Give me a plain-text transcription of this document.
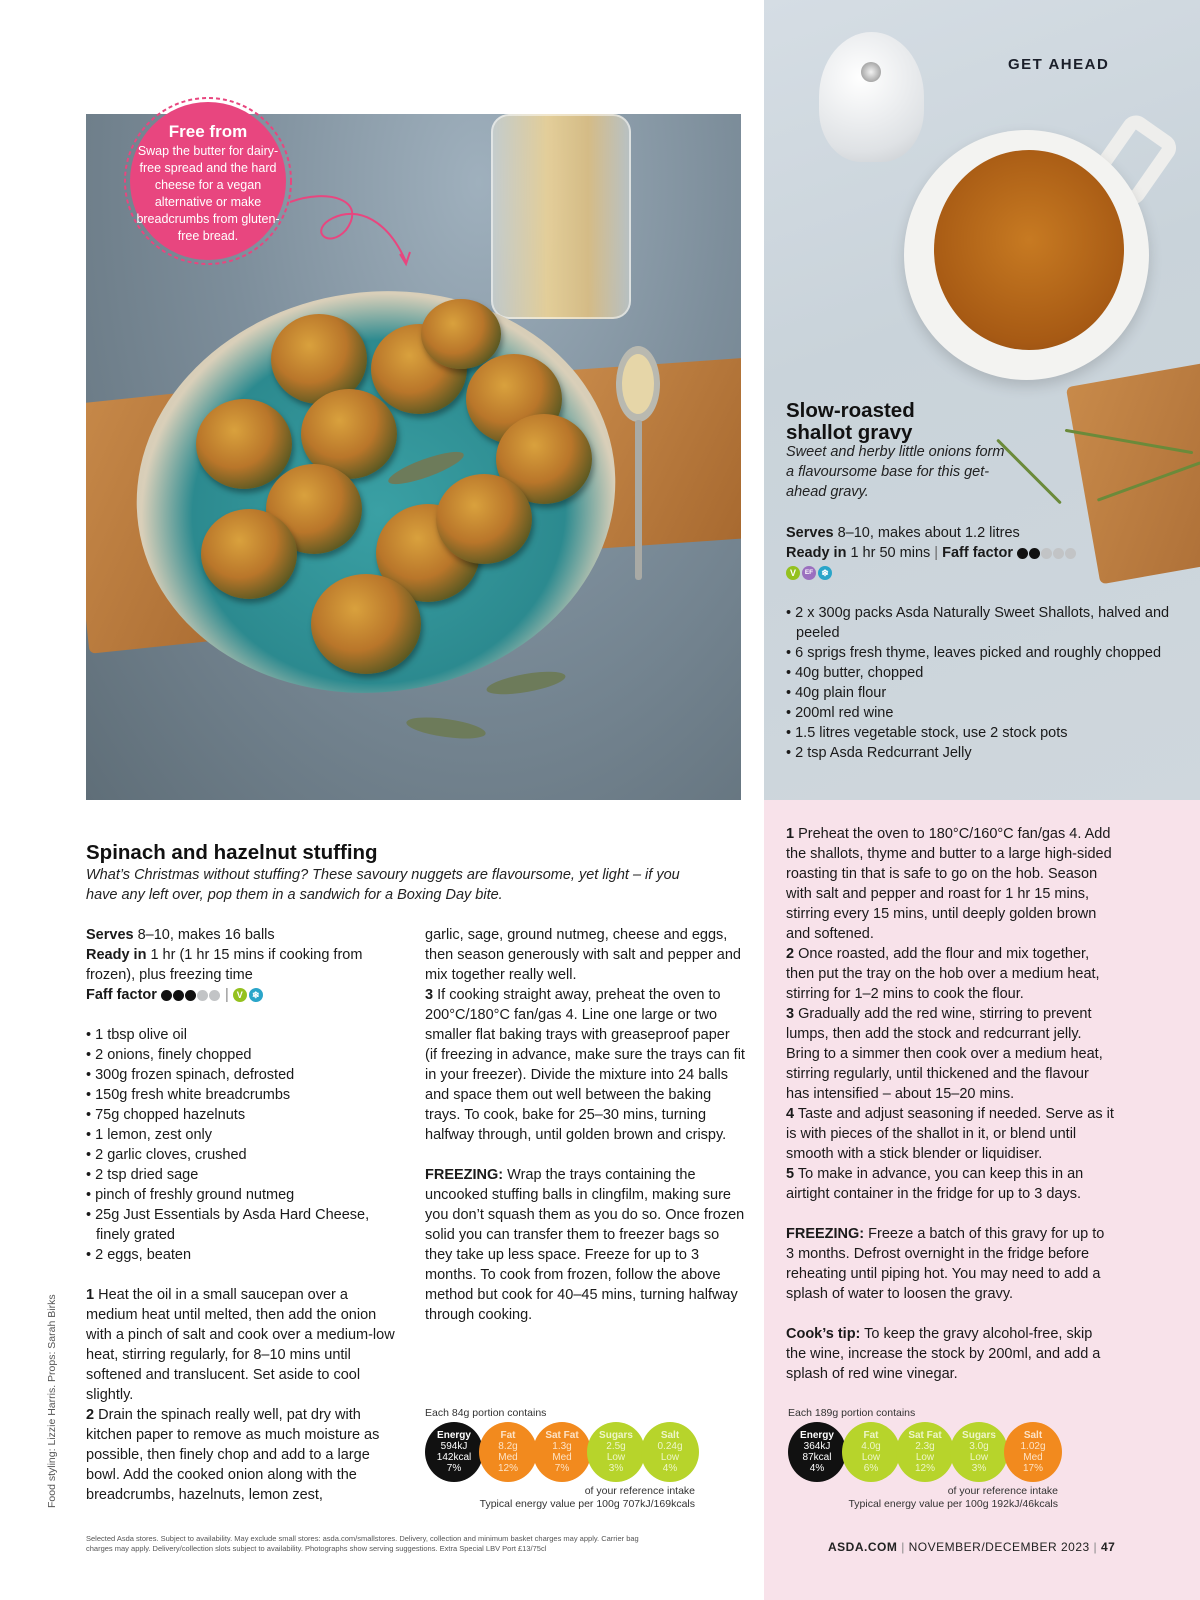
GET AHEAD
Free from
Swap the butter for dairy-free spread and the hard cheese for a vegan alternative or make breadcrumbs from gluten-free bread.
Spinach and hazelnut stuffing
What’s Christmas without stuffing? These savoury nuggets are flavoursome, yet light – if you have any left over, pop them in a sandwich for a Boxing Day bite.
Serves 8–10, makes 16 balls
Ready in 1 hr (1 hr 15 mins if cooking from frozen), plus freezing time
Faff factor	| V ❄
• 1 tbsp olive oil
• 2 onions, finely chopped
• 300g frozen spinach, defrosted
• 150g fresh white breadcrumbs
• 75g chopped hazelnuts
• 1 lemon, zest only
• 2 garlic cloves, crushed
• 2 tsp dried sage
• pinch of freshly ground nutmeg
• 25g Just Essentials by Asda Hard Cheese, finely grated
• 2 eggs, beaten
1 Heat the oil in a small saucepan over a medium heat until melted, then add the onion with a pinch of salt and cook over a medium-low heat, stirring regularly, for 8–10 mins until softened and translucent. Set aside to cool slightly.
2 Drain the spinach really well, pat dry with kitchen paper to remove as much moisture as possible, then finely chop and add to a large bowl. Add the cooked onion along with the breadcrumbs, hazelnuts, lemon zest,
garlic, sage, ground nutmeg, cheese and eggs, then season generously with salt and pepper and mix together really well.
3 If cooking straight away, preheat the oven to 200°C/180°C fan/gas 4. Line one large or two smaller flat baking trays with greaseproof paper (if freezing in advance, make sure the trays can fit in your freezer). Divide the mixture into 24 balls and space them out well between the baking trays. To cook, bake for 25–30 mins, turning halfway through, until golden brown and crispy.
FREEZING: Wrap the trays containing the uncooked stuffing balls in clingfilm, making sure you don’t squash them as you do so. Once frozen solid you can transfer them to freezer bags so they take up less space. Freeze for up to 3 months. To cook from frozen, follow the above method but cook for 40–45 mins, turning halfway through cooking.
Each 84g portion contains
Energy
594kJ
142kcal
7%
Fat
8.2g
Med
12%
Sat Fat
1.3g
Med
7%
Sugars
2.5g
Low
3%
Salt
0.24g
Low
4%
of your reference intake
Typical energy value per 100g 707kJ/169kcals
Slow-roasted shallot gravy
Sweet and herby little onions form a flavoursome base for this get-ahead gravy.
Serves 8–10, makes about 1.2 litres
Ready in 1 hr 50 mins | Faff factor
V EF ❄
• 2 x 300g packs Asda Naturally Sweet Shallots, halved and peeled
• 6 sprigs fresh thyme, leaves picked and roughly chopped
• 40g butter, chopped
• 40g plain flour
• 200ml red wine
• 1.5 litres vegetable stock, use 2 stock pots
• 2 tsp Asda Redcurrant Jelly
1 Preheat the oven to 180°C/160°C fan/gas 4. Add the shallots, thyme and butter to a large high-sided roasting tin that is safe to go on the hob. Season with salt and pepper and roast for 1 hr 15 mins, stirring every 15 mins, until deeply golden brown and softened.
2 Once roasted, add the flour and mix together, then put the tray on the hob over a medium heat, stirring for 1–2 mins to cook the flour.
3 Gradually add the red wine, stirring to prevent lumps, then add the stock and redcurrant jelly. Bring to a simmer then cook over a medium heat, stirring regularly, until thickened and the flavour has intensified – about 15–20 mins.
4 Taste and adjust seasoning if needed. Serve as it is with pieces of the shallot in it, or blend until smooth with a stick blender or liquidiser.
5 To make in advance, you can keep this in an airtight container in the fridge for up to 3 days.
FREEZING: Freeze a batch of this gravy for up to 3 months. Defrost overnight in the fridge before reheating until piping hot. You may need to add a splash of water to loosen the gravy.
Cook’s tip: To keep the gravy alcohol-free, skip the wine, increase the stock by 200ml, and add a splash of red wine vinegar.
Each 189g portion contains
Energy
364kJ
87kcal
4%
Fat
4.0g
Low
6%
Sat Fat
2.3g
Low
12%
Sugars
3.0g
Low
3%
Salt
1.02g
Med
17%
of your reference intake
Typical energy value per 100g 192kJ/46kcals
Food styling: Lizzie Harris. Props: Sarah Birks
Selected Asda stores. Subject to availability. May exclude small stores: asda.com/smallstores. Delivery, collection and minimum basket charges may apply. Carrier bag charges may apply. Delivery/collection slots subject to availability. Photographs show serving suggestions. Extra Special LBV Port £13/75cl	ASDA.COM | NOVEMBER/DECEMBER 2023 | 47
